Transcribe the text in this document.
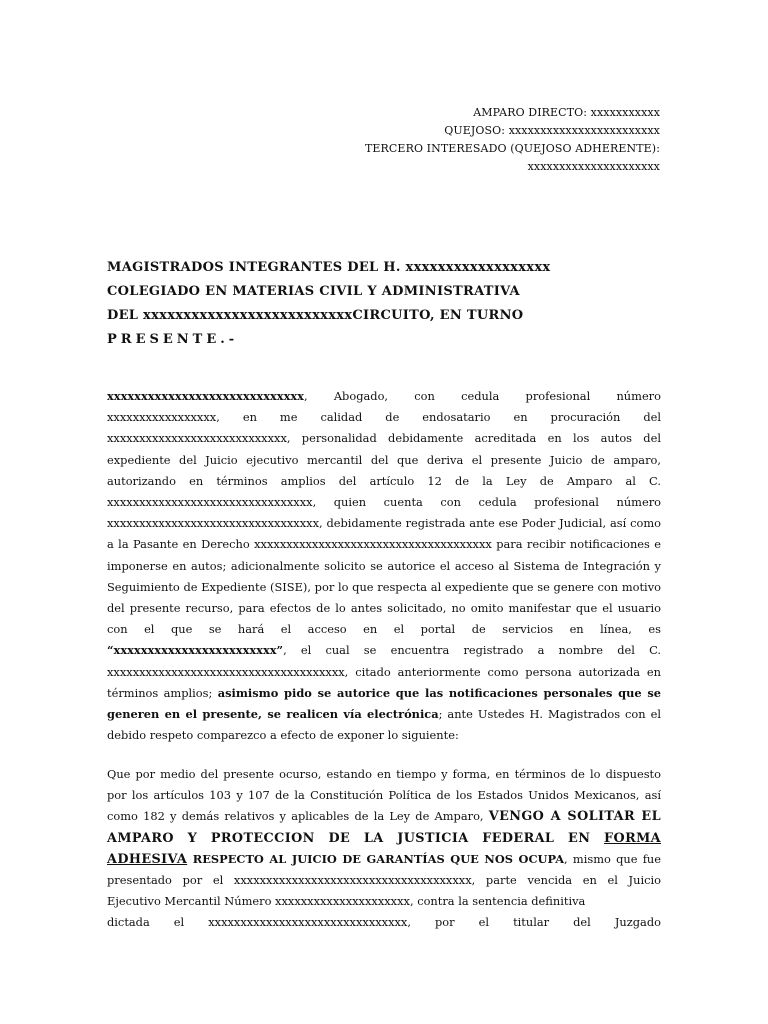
AMPARO DIRECTO: xxxxxxxxxxx
QUEJOSO: xxxxxxxxxxxxxxxxxxxxxxxx
TERCERO INTERESADO (QUEJOSO ADHERENTE):
xxxxxxxxxxxxxxxxxxxxx
MAGISTRADOS INTEGRANTES DEL H. xxxxxxxxxxxxxxxxxx
COLEGIADO EN MATERIAS CIVIL Y ADMINISTRATIVA
DEL xxxxxxxxxxxxxxxxxxxxxxxxxxCIRCUITO, EN TURNO
PRESENTE.-
xxxxxxxxxxxxxxxxxxxxxxxxxxxxx, Abogado, con cedula profesional número xxxxxxxxxxxxxxxxx, en me calidad de endosatario en procuración del xxxxxxxxxxxxxxxxxxxxxxxxxxxx, personalidad debidamente acreditada en los autos del expediente del Juicio ejecutivo mercantil del que deriva el presente Juicio de amparo, autorizando en términos amplios del artículo 12 de la Ley de Amparo al C. xxxxxxxxxxxxxxxxxxxxxxxxxxxxxxxx, quien cuenta con cedula profesional número xxxxxxxxxxxxxxxxxxxxxxxxxxxxxxxxx, debidamente registrada ante ese Poder Judicial, así como a la Pasante en Derecho xxxxxxxxxxxxxxxxxxxxxxxxxxxxxxxxxxxxx para recibir notificaciones e imponerse en autos; adicionalmente solicito se autorice el acceso al Sistema de Integración y Seguimiento de Expediente (SISE), por lo que respecta al expediente que se genere con motivo del presente recurso, para efectos de lo antes solicitado, no omito manifestar que el usuario con el que se hará el acceso en el portal de servicios en línea, es “xxxxxxxxxxxxxxxxxxxxxxxx”, el cual se encuentra registrado a nombre del C. xxxxxxxxxxxxxxxxxxxxxxxxxxxxxxxxxxxxx, citado anteriormente como persona autorizada en términos amplios; asimismo pido se autorice que las notificaciones personales que se generen en el presente, se realicen vía electrónica; ante Ustedes H. Magistrados con el debido respeto comparezco a efecto de exponer lo siguiente:
Que por medio del presente ocurso, estando en tiempo y forma, en términos de lo dispuesto por los artículos 103 y 107 de la Constitución Política de los Estados Unidos Mexicanos, así como 182 y demás relativos y aplicables de la Ley de Amparo, VENGO A SOLITAR EL AMPARO Y PROTECCION DE LA JUSTICIA FEDERAL EN FORMA ADHESIVA RESPECTO AL JUICIO DE GARANTÍAS QUE NOS OCUPA, mismo que fue presentado por el xxxxxxxxxxxxxxxxxxxxxxxxxxxxxxxxxxxxx, parte vencida en el Juicio Ejecutivo Mercantil Número xxxxxxxxxxxxxxxxxxxxx, contra la sentencia definitiva
dictada el xxxxxxxxxxxxxxxxxxxxxxxxxxxxxxx, por el titular del Juzgado
